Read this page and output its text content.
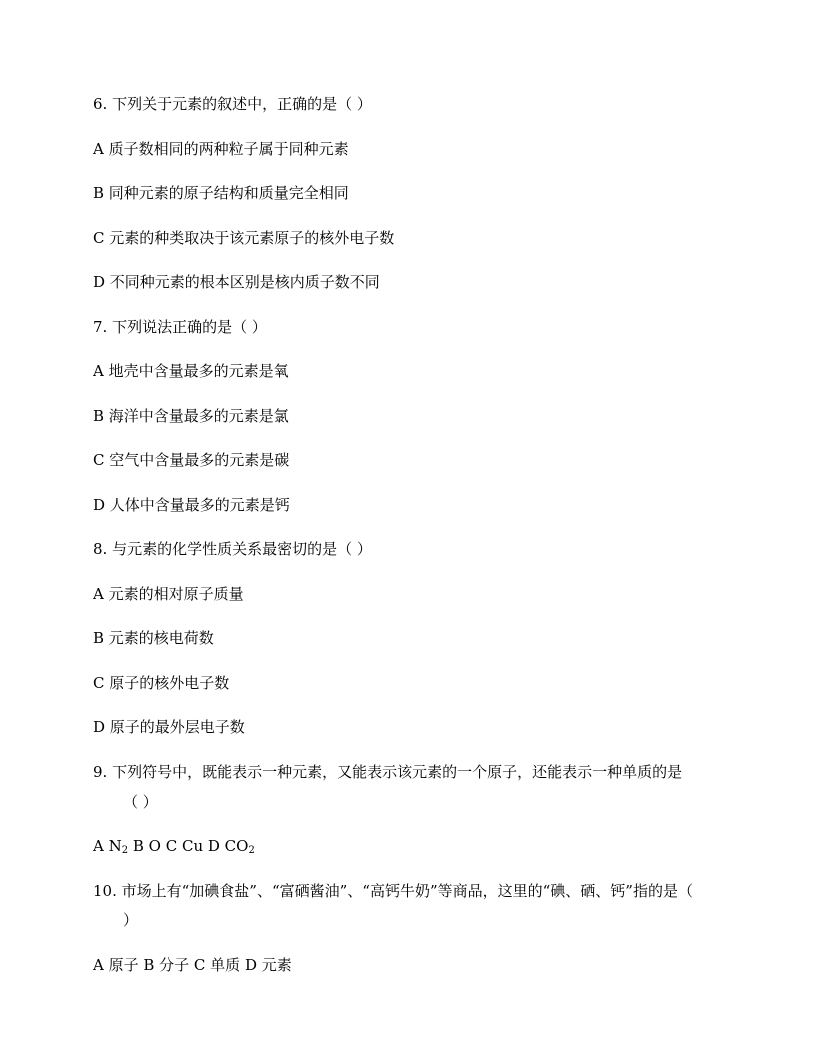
6. 下列关于元素的叙述中，正确的是（ ）
A 质子数相同的两种粒子属于同种元素
B 同种元素的原子结构和质量完全相同
C 元素的种类取决于该元素原子的核外电子数
D 不同种元素的根本区别是核内质子数不同
7. 下列说法正确的是（ ）
A 地壳中含量最多的元素是氧
B 海洋中含量最多的元素是氯
C 空气中含量最多的元素是碳
D 人体中含量最多的元素是钙
8. 与元素的化学性质关系最密切的是（ ）
A 元素的相对原子质量
B 元素的核电荷数
C 原子的核外电子数
D 原子的最外层电子数
9. 下列符号中，既能表示一种元素，又能表示该元素的一个原子，还能表示一种单质的是
（ ）
A $N_2$ B O C Cu D $CO_2$
10. 市场上有“加碘食盐”、“富硒酱油”、“高钙牛奶”等商品，这里的“碘、硒、钙”指的是（
）
A 原子 B 分子 C 单质 D 元素
